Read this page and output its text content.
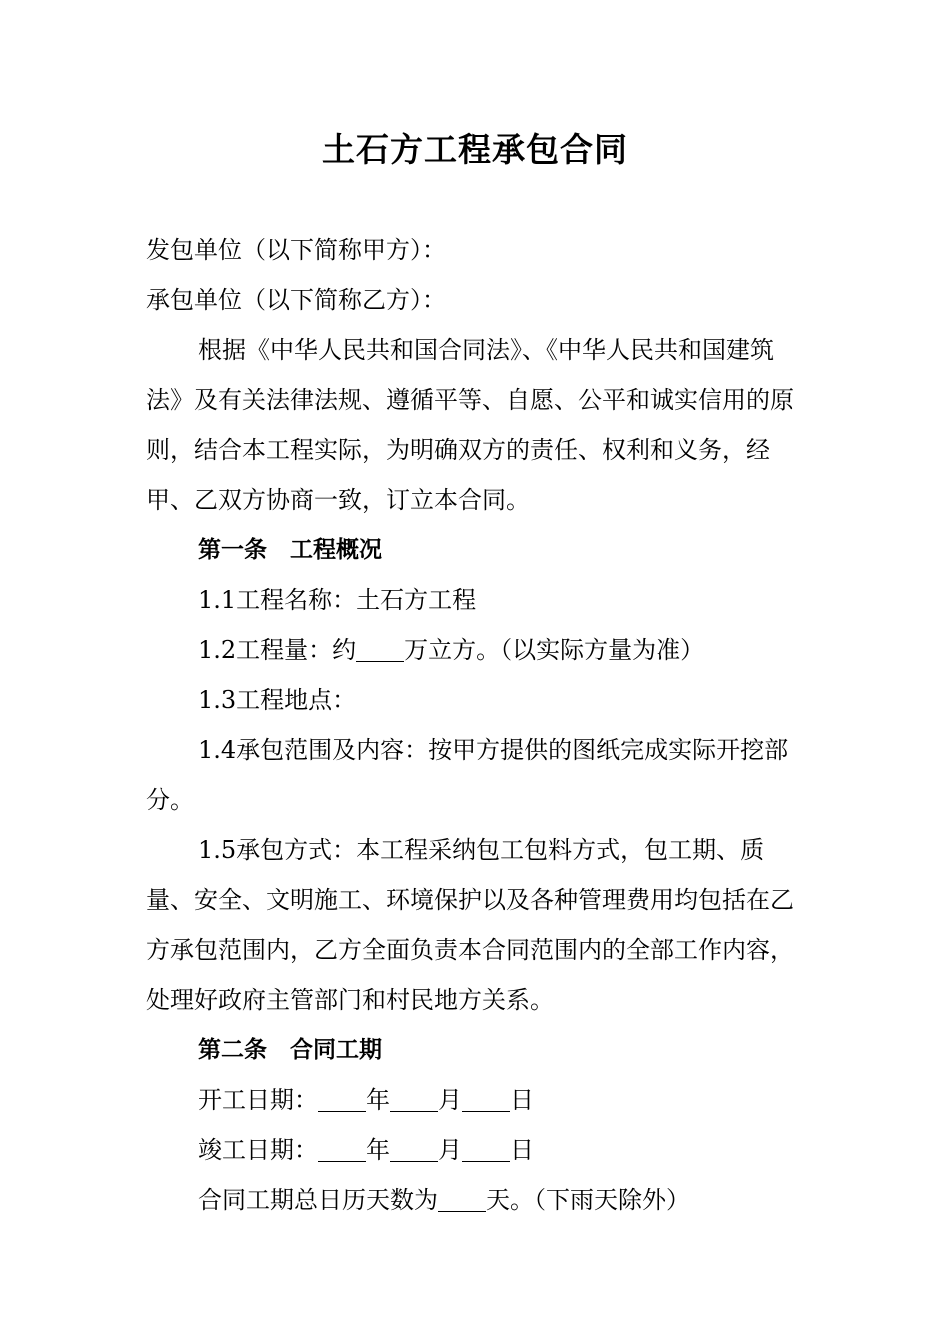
土石方工程承包合同

发包单位（以下简称甲方）：

承包单位（以下简称乙方）：

根据《中华人民共和国合同法》、《中华人民共和国建筑法》及有关法律法规、遵循平等、自愿、公平和诚实信用的原则，结合本工程实际，为明确双方的责任、权利和义务，经甲、乙双方协商一致，订立本合同。

第一条　工程概况

1.1工程名称：土石方工程

1.2工程量：约 万立方。（以实际方量为准）

1.3工程地点：

1.4承包范围及内容：按甲方提供的图纸完成实际开挖部分。

1.5承包方式：本工程采纳包工包料方式，包工期、质量、安全、文明施工、环境保护以及各种管理费用均包括在乙方承包范围内，乙方全面负责本合同范围内的全部工作内容，处理好政府主管部门和村民地方关系。

第二条　合同工期

开工日期： 年 月 日

竣工日期： 年 月 日

合同工期总日历天数为 天。（下雨天除外）
